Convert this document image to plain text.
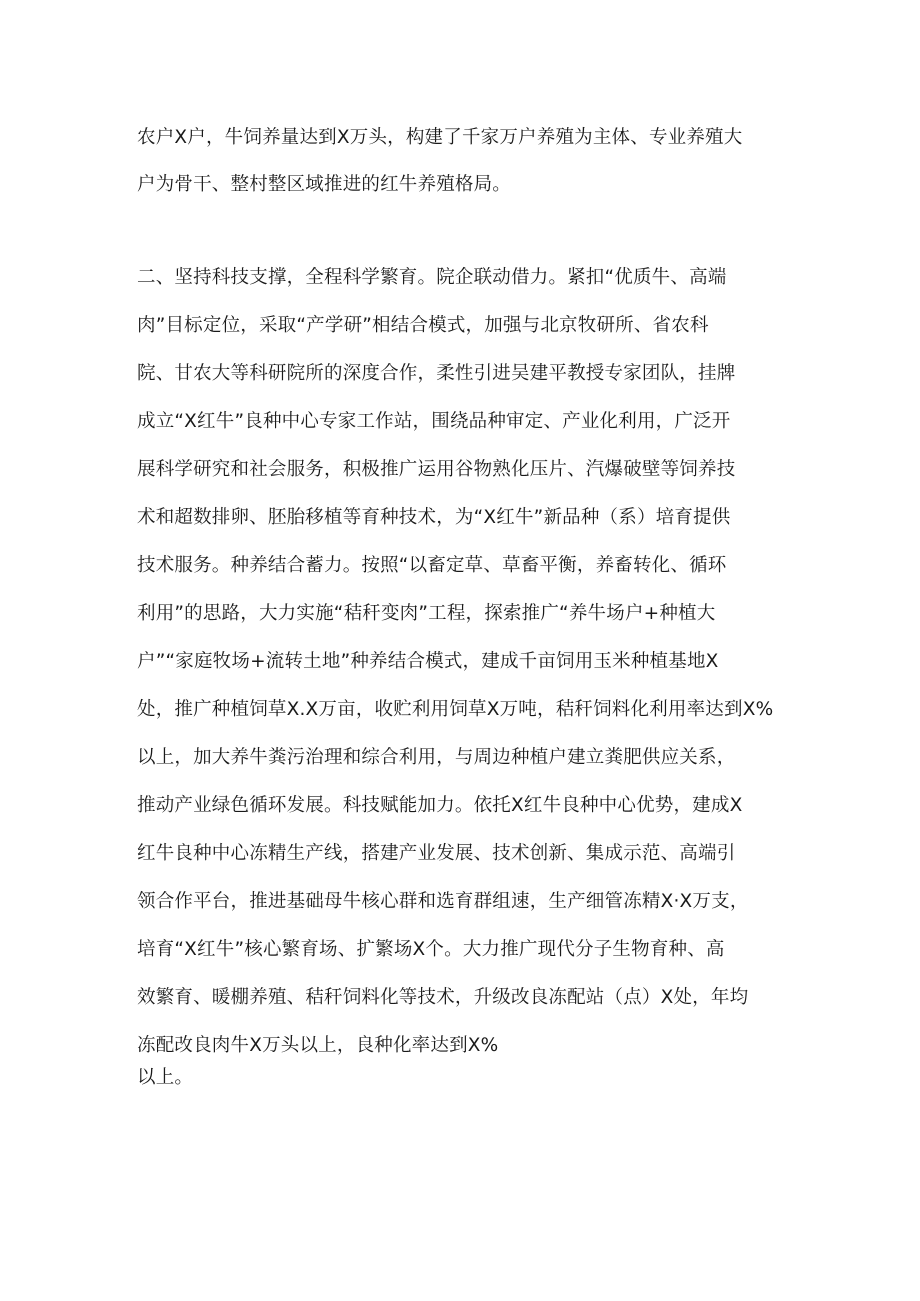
农户X户，牛饲养量达到X万头，构建了千家万户养殖为主体、专业养殖大
户为骨干、整村整区域推进的红牛养殖格局。
二、坚持科技支撑，全程科学繁育。院企联动借力。紧扣“优质牛、高端
肉”目标定位，采取“产学研”相结合模式，加强与北京牧研所、省农科
院、甘农大等科研院所的深度合作，柔性引进吴建平教授专家团队，挂牌
成立“X红牛”良种中心专家工作站，围绕品种审定、产业化利用，广泛开
展科学研究和社会服务，积极推广运用谷物熟化压片、汽爆破壁等饲养技
术和超数排卵、胚胎移植等育种技术，为“X红牛”新品种（系）培育提供
技术服务。种养结合蓄力。按照“以畜定草、草畜平衡，养畜转化、循环
利用”的思路，大力实施“秸秆变肉”工程，探索推广“养牛场户+种植大
户”“家庭牧场+流转土地”种养结合模式，建成千亩饲用玉米种植基地X
处，推广种植饲草X.X万亩，收贮利用饲草X万吨，秸秆饲料化利用率达到X%
以上，加大养牛粪污治理和综合利用，与周边种植户建立粪肥供应关系，
推动产业绿色循环发展。科技赋能加力。依托X红牛良种中心优势，建成X
红牛良种中心冻精生产线，搭建产业发展、技术创新、集成示范、高端引
领合作平台，推进基础母牛核心群和选育群组速，生产细管冻精X·X万支，
培育“X红牛”核心繁育场、扩繁场X个。大力推广现代分子生物育种、高
效繁育、暖棚养殖、秸秆饲料化等技术，升级改良冻配站（点）X处，年均
冻配改良肉牛X万头以上，良种化率达到X%
以上。
